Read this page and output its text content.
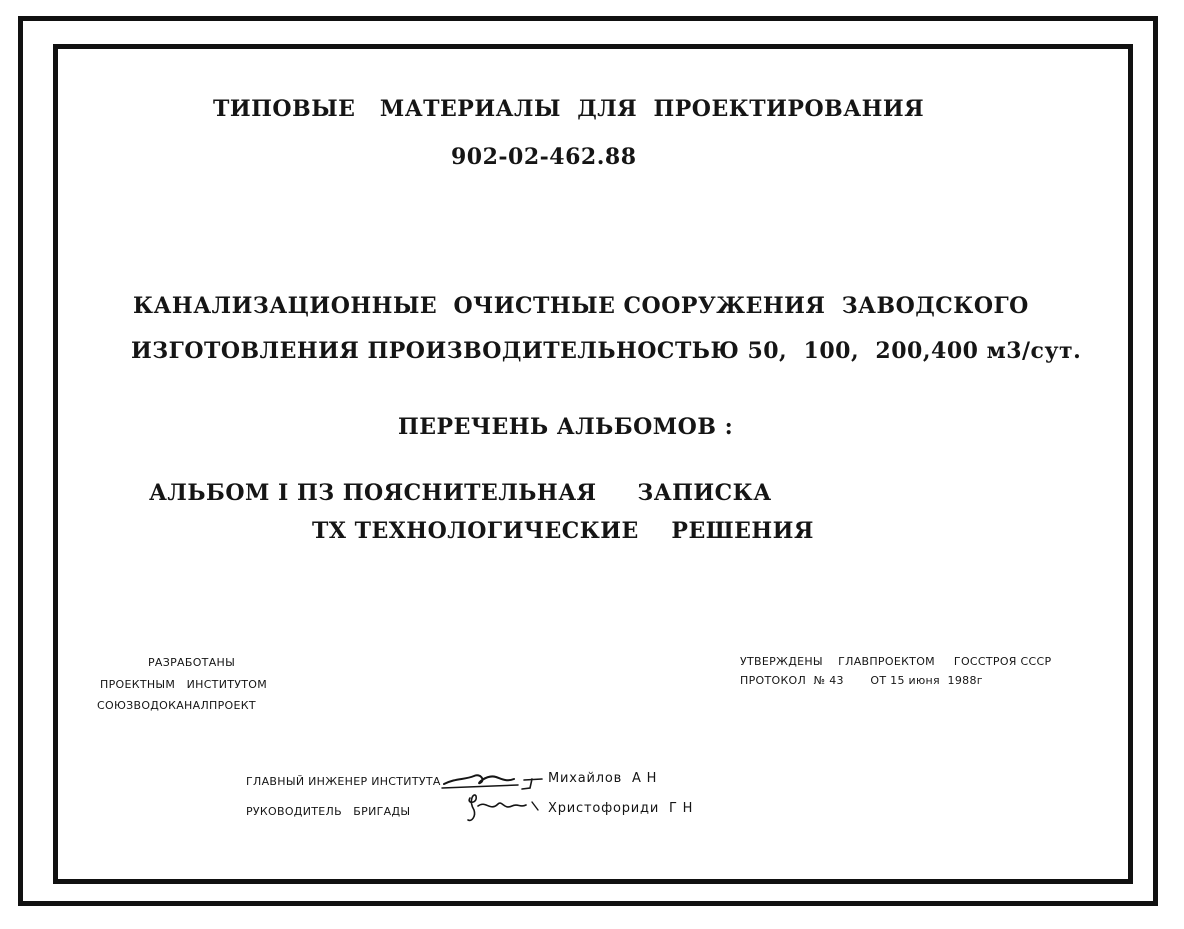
ТИПОВЫЕ   МАТЕРИАЛЫ  ДЛЯ  ПРОЕКТИРОВАНИЯ
902-02-462.88
КАНАЛИЗАЦИОННЫЕ  ОЧИСТНЫЕ СООРУЖЕНИЯ  ЗАВОДСКОГО
ИЗГОТОВЛЕНИЯ ПРОИЗВОДИТЕЛЬНОСТЬЮ 50,  100,  200,400 м3/сут.
ПЕРЕЧЕНЬ АЛЬБОМОВ :
АЛЬБОМ I ПЗ ПОЯСНИТЕЛЬНАЯ     ЗАПИСКА
ТХ ТЕХНОЛОГИЧЕСКИЕ    РЕШЕНИЯ
РАЗРАБОТАНЫ
ПРОЕКТНЫМ   ИНСТИТУТОМ
СОЮЗВОДОКАНАЛПРОЕКТ
УТВЕРЖДЕНЫ    ГЛАВПРОЕКТОМ     ГОССТРОЯ СССР
ПРОТОКОЛ  № 43       ОТ 15 июня  1988г
ГЛАВНЫЙ ИНЖЕНЕР ИНСТИТУТА	Михайлов  А Н
РУКОВОДИТЕЛЬ   БРИГАДЫ	Христофориди  Г Н
